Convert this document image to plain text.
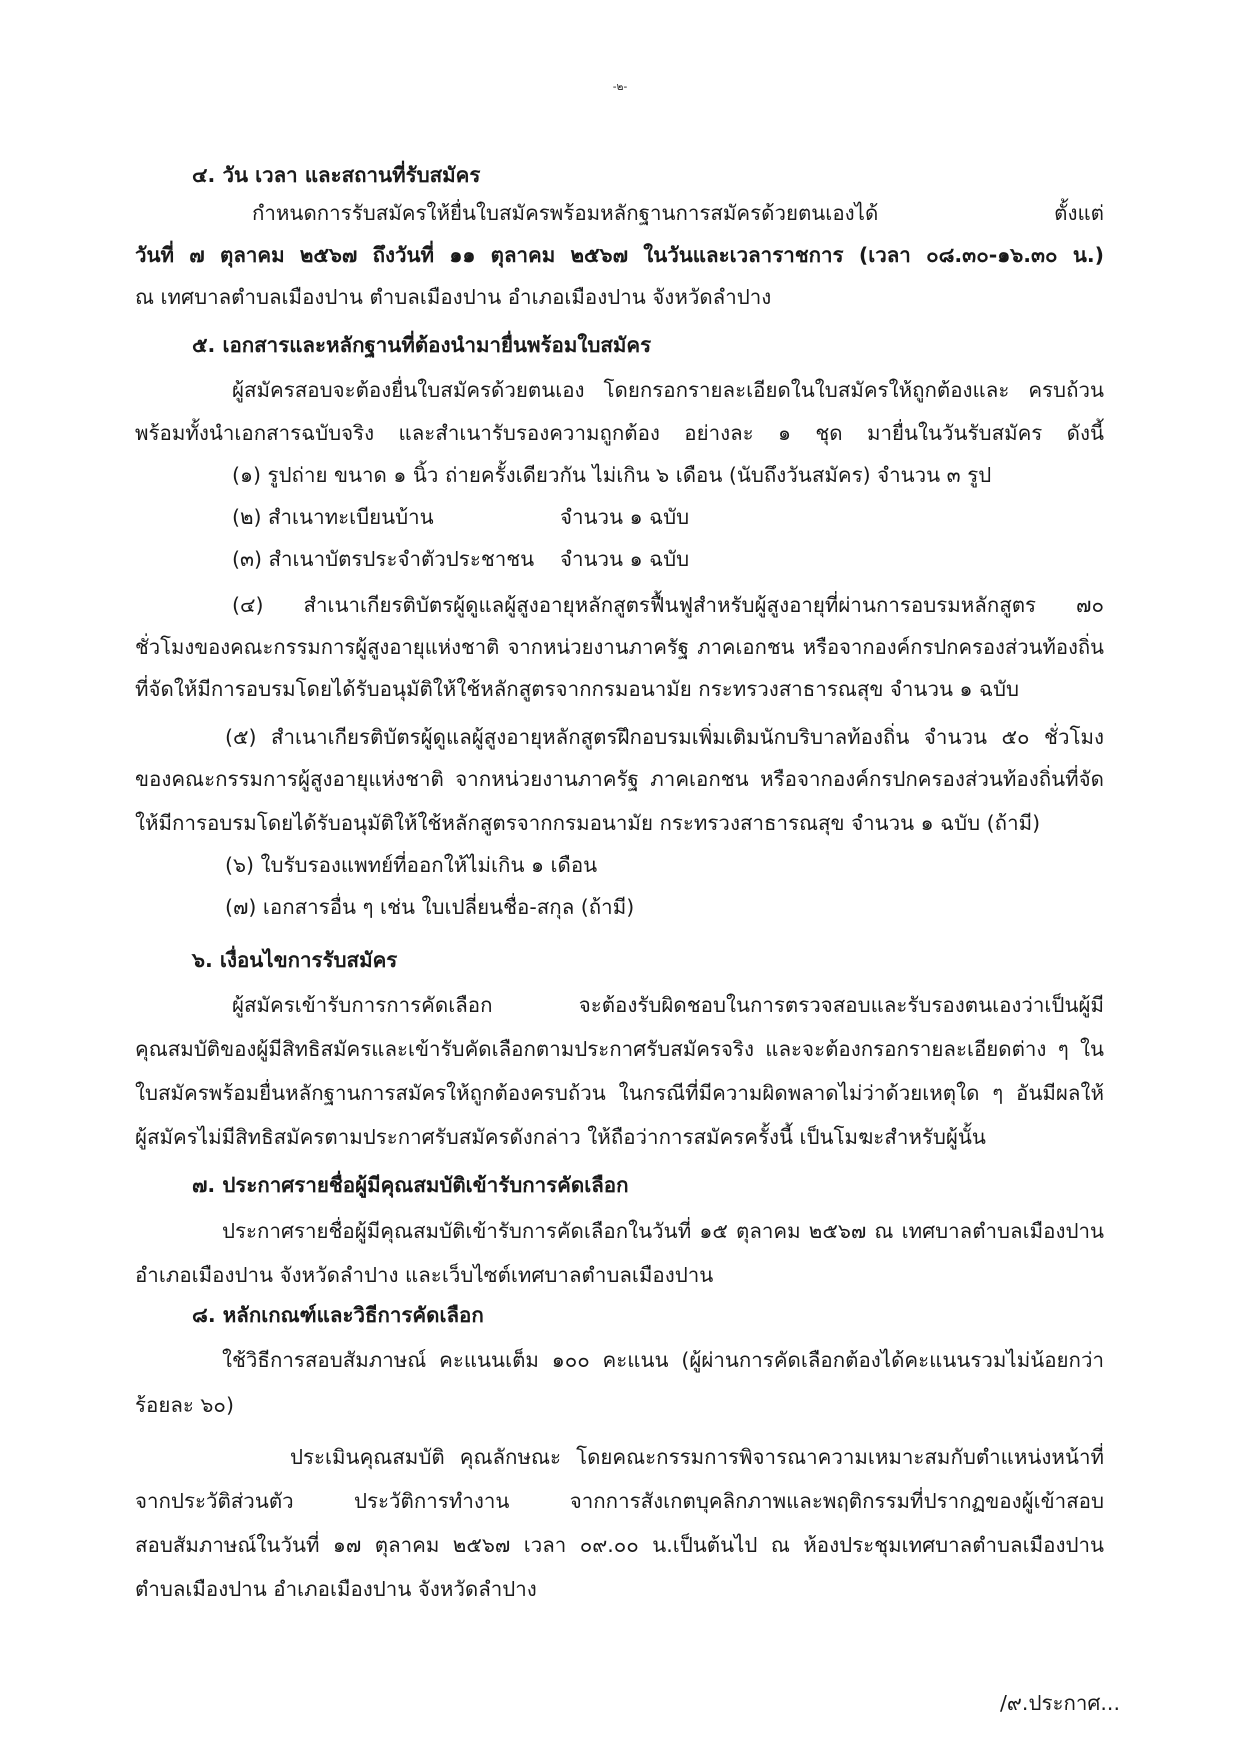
-๒-
๔. วัน เวลา และสถานที่รับสมัคร
กำหนดการรับสมัครให้ยื่นใบสมัครพร้อมหลักฐานการสมัครด้วยตนเองได้ ตั้งแต่
วันที่ ๗ ตุลาคม ๒๕๖๗ ถึงวันที่ ๑๑ ตุลาคม ๒๕๖๗ ในวันและเวลาราชการ (เวลา ๐๘.๓๐-๑๖.๓๐ น.)
ณ เทศบาลตำบลเมืองปาน ตำบลเมืองปาน อำเภอเมืองปาน จังหวัดลำปาง
๕. เอกสารและหลักฐานที่ต้องนำมายื่นพร้อมใบสมัคร
ผู้สมัครสอบจะต้องยื่นใบสมัครด้วยตนเอง โดยกรอกรายละเอียดในใบสมัครให้ถูกต้องและ ครบถ้วน
พร้อมทั้งนำเอกสารฉบับจริง และสำเนารับรองความถูกต้อง อย่างละ ๑ ชุด มายื่นในวันรับสมัคร ดังนี้
(๑) รูปถ่าย ขนาด ๑ นิ้ว ถ่ายครั้งเดียวกัน ไม่เกิน ๖ เดือน (นับถึงวันสมัคร) จำนวน ๓ รูป
(๒) สำเนาทะเบียนบ้าน	จำนวน ๑ ฉบับ
(๓) สำเนาบัตรประจำตัวประชาชน จำนวน ๑ ฉบับ
(๔) สำเนาเกียรติบัตรผู้ดูแลผู้สูงอายุหลักสูตรฟื้นฟูสำหรับผู้สูงอายุที่ผ่านการอบรมหลักสูตร ๗๐
ชั่วโมงของคณะกรรมการผู้สูงอายุแห่งชาติ จากหน่วยงานภาครัฐ ภาคเอกชน หรือจากองค์กรปกครองส่วนท้องถิ่น
ที่จัดให้มีการอบรมโดยได้รับอนุมัติให้ใช้หลักสูตรจากกรมอนามัย กระทรวงสาธารณสุข จำนวน ๑ ฉบับ
(๕) สำเนาเกียรติบัตรผู้ดูแลผู้สูงอายุหลักสูตรฝึกอบรมเพิ่มเติมนักบริบาลท้องถิ่น จำนวน ๕๐ ชั่วโมง
ของคณะกรรมการผู้สูงอายุแห่งชาติ จากหน่วยงานภาครัฐ ภาคเอกชน หรือจากองค์กรปกครองส่วนท้องถิ่นที่จัด
ให้มีการอบรมโดยได้รับอนุมัติให้ใช้หลักสูตรจากกรมอนามัย กระทรวงสาธารณสุข จำนวน ๑ ฉบับ (ถ้ามี)
(๖) ใบรับรองแพทย์ที่ออกให้ไม่เกิน ๑ เดือน
(๗) เอกสารอื่น ๆ เช่น ใบเปลี่ยนชื่อ-สกุล (ถ้ามี)
๖. เงื่อนไขการรับสมัคร
ผู้สมัครเข้ารับการการคัดเลือก จะต้องรับผิดชอบในการตรวจสอบและรับรองตนเองว่าเป็นผู้มี
คุณสมบัติของผู้มีสิทธิสมัครและเข้ารับคัดเลือกตามประกาศรับสมัครจริง และจะต้องกรอกรายละเอียดต่าง ๆ ใน
ใบสมัครพร้อมยื่นหลักฐานการสมัครให้ถูกต้องครบถ้วน ในกรณีที่มีความผิดพลาดไม่ว่าด้วยเหตุใด ๆ อันมีผลให้
ผู้สมัครไม่มีสิทธิสมัครตามประกาศรับสมัครดังกล่าว ให้ถือว่าการสมัครครั้งนี้ เป็นโมฆะสำหรับผู้นั้น
๗. ประกาศรายชื่อผู้มีคุณสมบัติเข้ารับการคัดเลือก
ประกาศรายชื่อผู้มีคุณสมบัติเข้ารับการคัดเลือกในวันที่ ๑๕ ตุลาคม ๒๕๖๗ ณ เทศบาลตำบลเมืองปาน
อำเภอเมืองปาน จังหวัดลำปาง และเว็บไซต์เทศบาลตำบลเมืองปาน
๘. หลักเกณฑ์และวิธีการคัดเลือก
ใช้วิธีการสอบสัมภาษณ์ คะแนนเต็ม ๑๐๐ คะแนน (ผู้ผ่านการคัดเลือกต้องได้คะแนนรวมไม่น้อยกว่า
ร้อยละ ๖๐)
ประเมินคุณสมบัติ คุณลักษณะ โดยคณะกรรมการพิจารณาความเหมาะสมกับตำแหน่งหน้าที่
จากประวัติส่วนตัว ประวัติการทำงาน จากการสังเกตบุคลิกภาพและพฤติกรรมที่ปรากฏของผู้เข้าสอบ
สอบสัมภาษณ์ในวันที่ ๑๗ ตุลาคม ๒๕๖๗ เวลา ๐๙.๐๐ น.เป็นต้นไป ณ ห้องประชุมเทศบาลตำบลเมืองปาน
ตำบลเมืองปาน อำเภอเมืองปาน จังหวัดลำปาง
/๙.ประกาศ...
